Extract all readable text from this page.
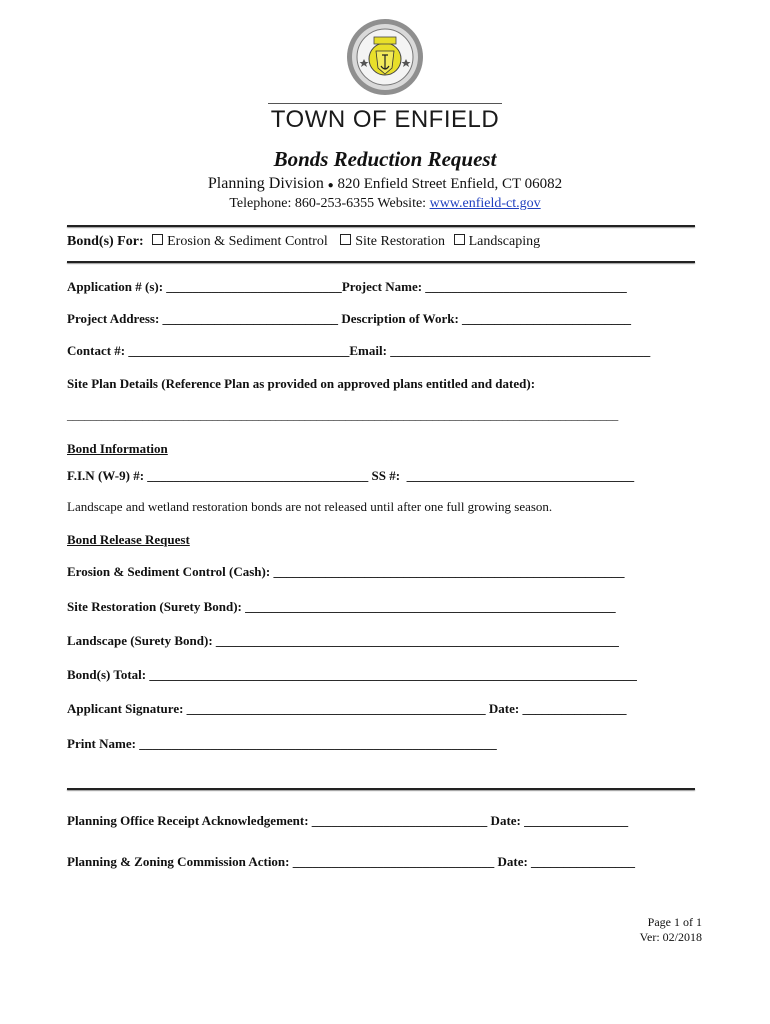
TOWN OF ENFIELD
Bonds Reduction Request
Planning Division ● 820 Enfield Street Enfield, CT 06082
Telephone: 860-253-6355 Website: www.enfield-ct.gov
Bond(s) For: Erosion & Sediment Control Site Restoration Landscaping
Application # (s): ___________________________Project Name: _______________________________
Project Address: ___________________________ Description of Work: __________________________
Contact #: __________________________________Email: ________________________________________
Site Plan Details (Reference Plan as provided on approved plans entitled and dated):
_______________________________________________________________________________________________
Bond Information
F.I.N (W-9) #: __________________________________ SS #:  ___________________________________
Landscape and wetland restoration bonds are not released until after one full growing season.
Bond Release Request
Erosion & Sediment Control (Cash): ______________________________________________________
Site Restoration (Surety Bond): _________________________________________________________
Landscape (Surety Bond): ______________________________________________________________
Bond(s) Total: ___________________________________________________________________________
Applicant Signature: ______________________________________________ Date: ________________
Print Name: _______________________________________________________
Planning Office Receipt Acknowledgement: ___________________________ Date: ________________
Planning & Zoning Commission Action: _______________________________ Date: ________________
Page 1 of 1
Ver: 02/2018
